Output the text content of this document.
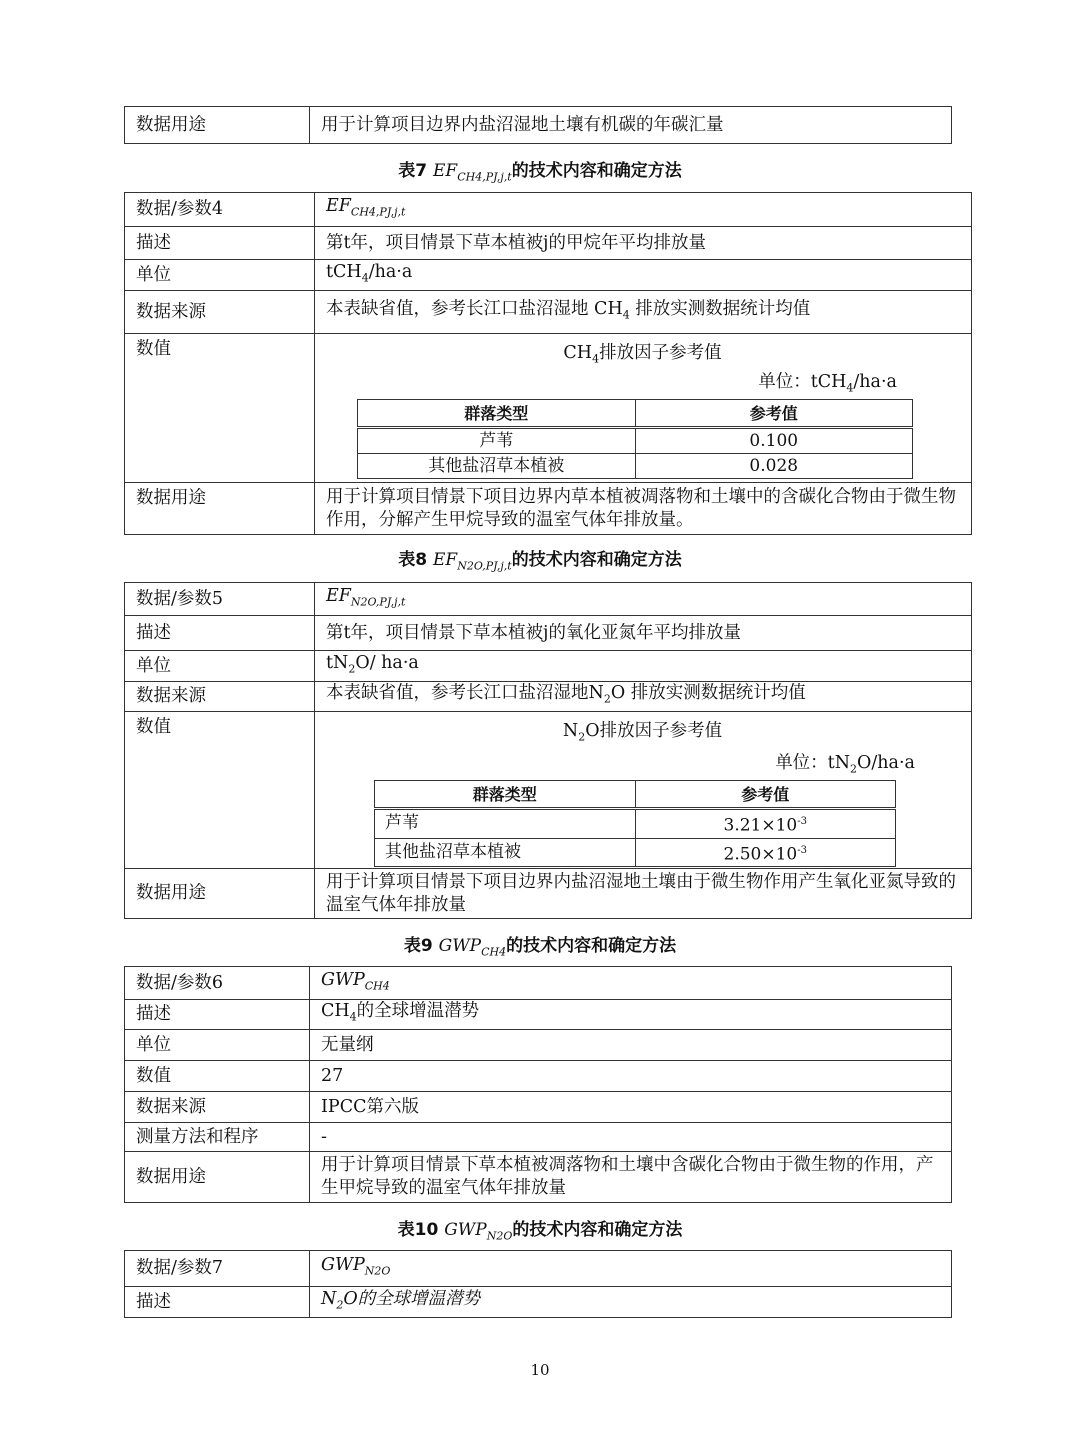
数据用途	用于计算项目边界内盐沼湿地土壤有机碳的年碳汇量
表7 $EF_{CH4,PJ,j,t}$的技术内容和确定方法
数据/参数4	$EF_{CH4,PJ,j,t}$
描述	第t年，项目情景下草本植被j的甲烷年平均排放量
单位	tCH$_4$/ha·a
数据来源	本表缺省值，参考长江口盐沼湿地 $CH_4$ 排放实测数据统计均值
数值	$CH_4$排放因子参考值
单位：tCH$_4$/ha·a
群落类型	参考值
芦苇	0.100
其他盐沼草本植被	0.028

数据用途	用于计算项目情景下项目边界内草本植被凋落物和土壤中的含碳化合物由于微生物作用，分解产生甲烷导致的温室气体年排放量。
表8 $EF_{N2O,PJ,j,t}$的技术内容和确定方法
数据/参数5	$EF_{N2O,PJ,j,t}$
描述	第t年，项目情景下草本植被j的氧化亚氮年平均排放量
单位	$tN_2O/$ ha·a
数据来源	本表缺省值，参考长江口盐沼湿地$N_2O$ 排放实测数据统计均值
数值	$N_2O$排放因子参考值
单位：$tN_2O/ha\cdot a$
群落类型	参考值
芦苇	$3.21\times 10^{-3}$
其他盐沼草本植被	$2.50\times 10^{-3}$

数据用途	用于计算项目情景下项目边界内盐沼湿地土壤由于微生物作用产生氧化亚氮导致的温室气体年排放量
表9 $GWP_{CH4}$的技术内容和确定方法
数据/参数6	$GWP_{CH4}$
描述	$CH_4$的全球增温潜势
单位	无量纲
数值	27
数据来源	IPCC第六版
测量方法和程序	-
数据用途	用于计算项目情景下草本植被凋落物和土壤中含碳化合物由于微生物的作用，产生甲烷导致的温室气体年排放量
表10 $GWP_{N2O}$的技术内容和确定方法
数据/参数7	$GWP_{N2O}$
描述	$N_2O$的全球增温潜势
10
